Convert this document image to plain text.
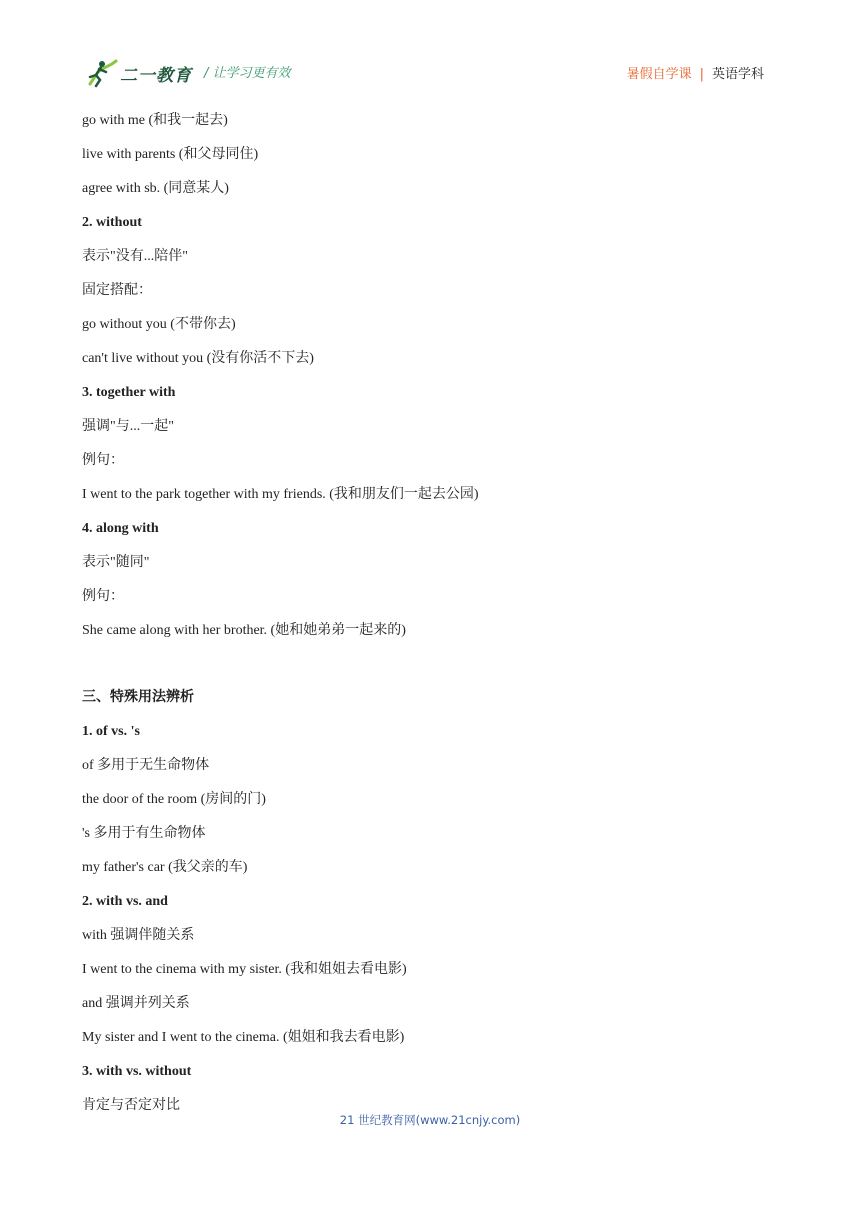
二一教育 / 让学习更有效	暑假自学课 | 英语学科
go with me (和我一起去)
live with parents (和父母同住)
agree with sb. (同意某人)
2. without
表示"没有...陪伴"
固定搭配：
go without you (不带你去)
can't live without you (没有你活不下去)
3. together with
强调"与...一起"
例句：
I went to the park together with my friends. (我和朋友们一起去公园)
4. along with
表示"随同"
例句：
She came along with her brother. (她和她弟弟一起来的)
三、特殊用法辨析
1. of vs. 's
of 多用于无生命物体
the door of the room (房间的门)
's 多用于有生命物体
my father's car (我父亲的车)
2. with vs. and
with 强调伴随关系
I went to the cinema with my sister. (我和姐姐去看电影)
and 强调并列关系
My sister and I went to the cinema. (姐姐和我去看电影)
3. with vs. without
肯定与否定对比
21 世纪教育网(www.21cnjy.com)
